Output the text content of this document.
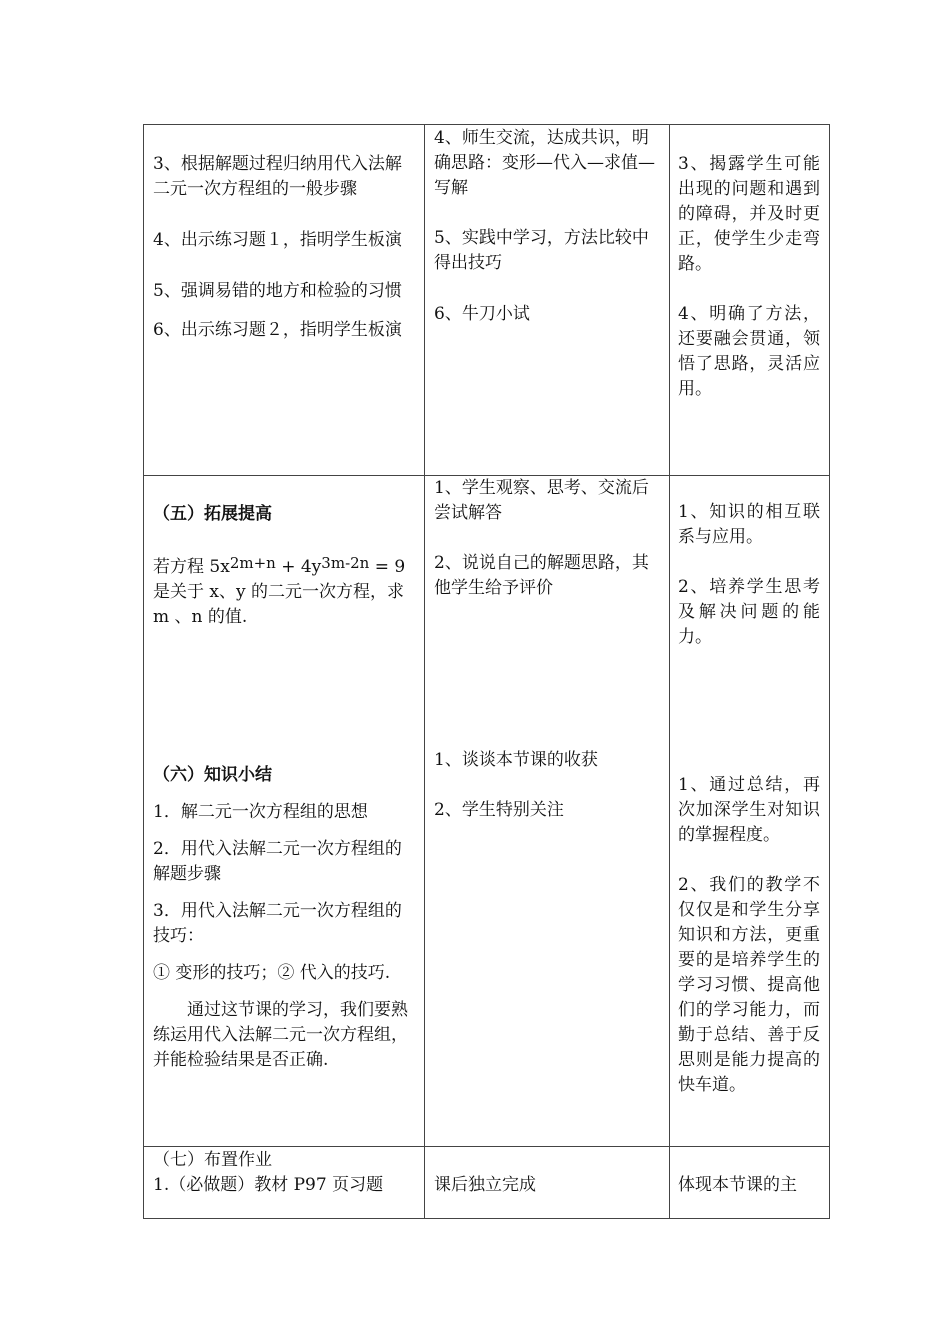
3、根据解题过程归纳用代入法解二元一次方程组的一般步骤

4、出示练习题１，指明学生板演

5、强调易错的地方和检验的习惯

6、出示练习题２，指明学生板演

4、师生交流，达成共识，明确思路：变形—代入—求值—写解

5、实践中学习，方法比较中得出技巧

6、牛刀小试

3、揭露学生可能出现的问题和遇到的障碍，并及时更正，使学生少走弯路。

4、明确了方法，还要融会贯通，领悟了思路，灵活应用。

（五）拓展提高

若方程 $5x^{2m+n} + 4y^{3m-2n} = 9$
是关于 x、y 的二元一次方程，求 m 、n 的值.

（六）知识小结

1．解二元一次方程组的思想

2．用代入法解二元一次方程组的解题步骤

3．用代入法解二元一次方程组的技巧：

① 变形的技巧；② 代入的技巧.

通过这节课的学习，我们要熟练运用代入法解二元一次方程组，并能检验结果是否正确.

1、学生观察、思考、交流后尝试解答

2、说说自己的解题思路，其他学生给予评价

1、谈谈本节课的收获

2、学生特别关注

1、知识的相互联系与应用。

2、培养学生思考及解决问题的能力。

1、通过总结，再次加深学生对知识的掌握程度。

2、我们的教学不仅仅是和学生分享知识和方法，更重要的是培养学生的学习习惯、提高他们的学习能力，而勤于总结、善于反思则是能力提高的快车道。

（七）布置作业

1.（必做题）教材 P97 页习题	课后独立完成	体现本节课的主
